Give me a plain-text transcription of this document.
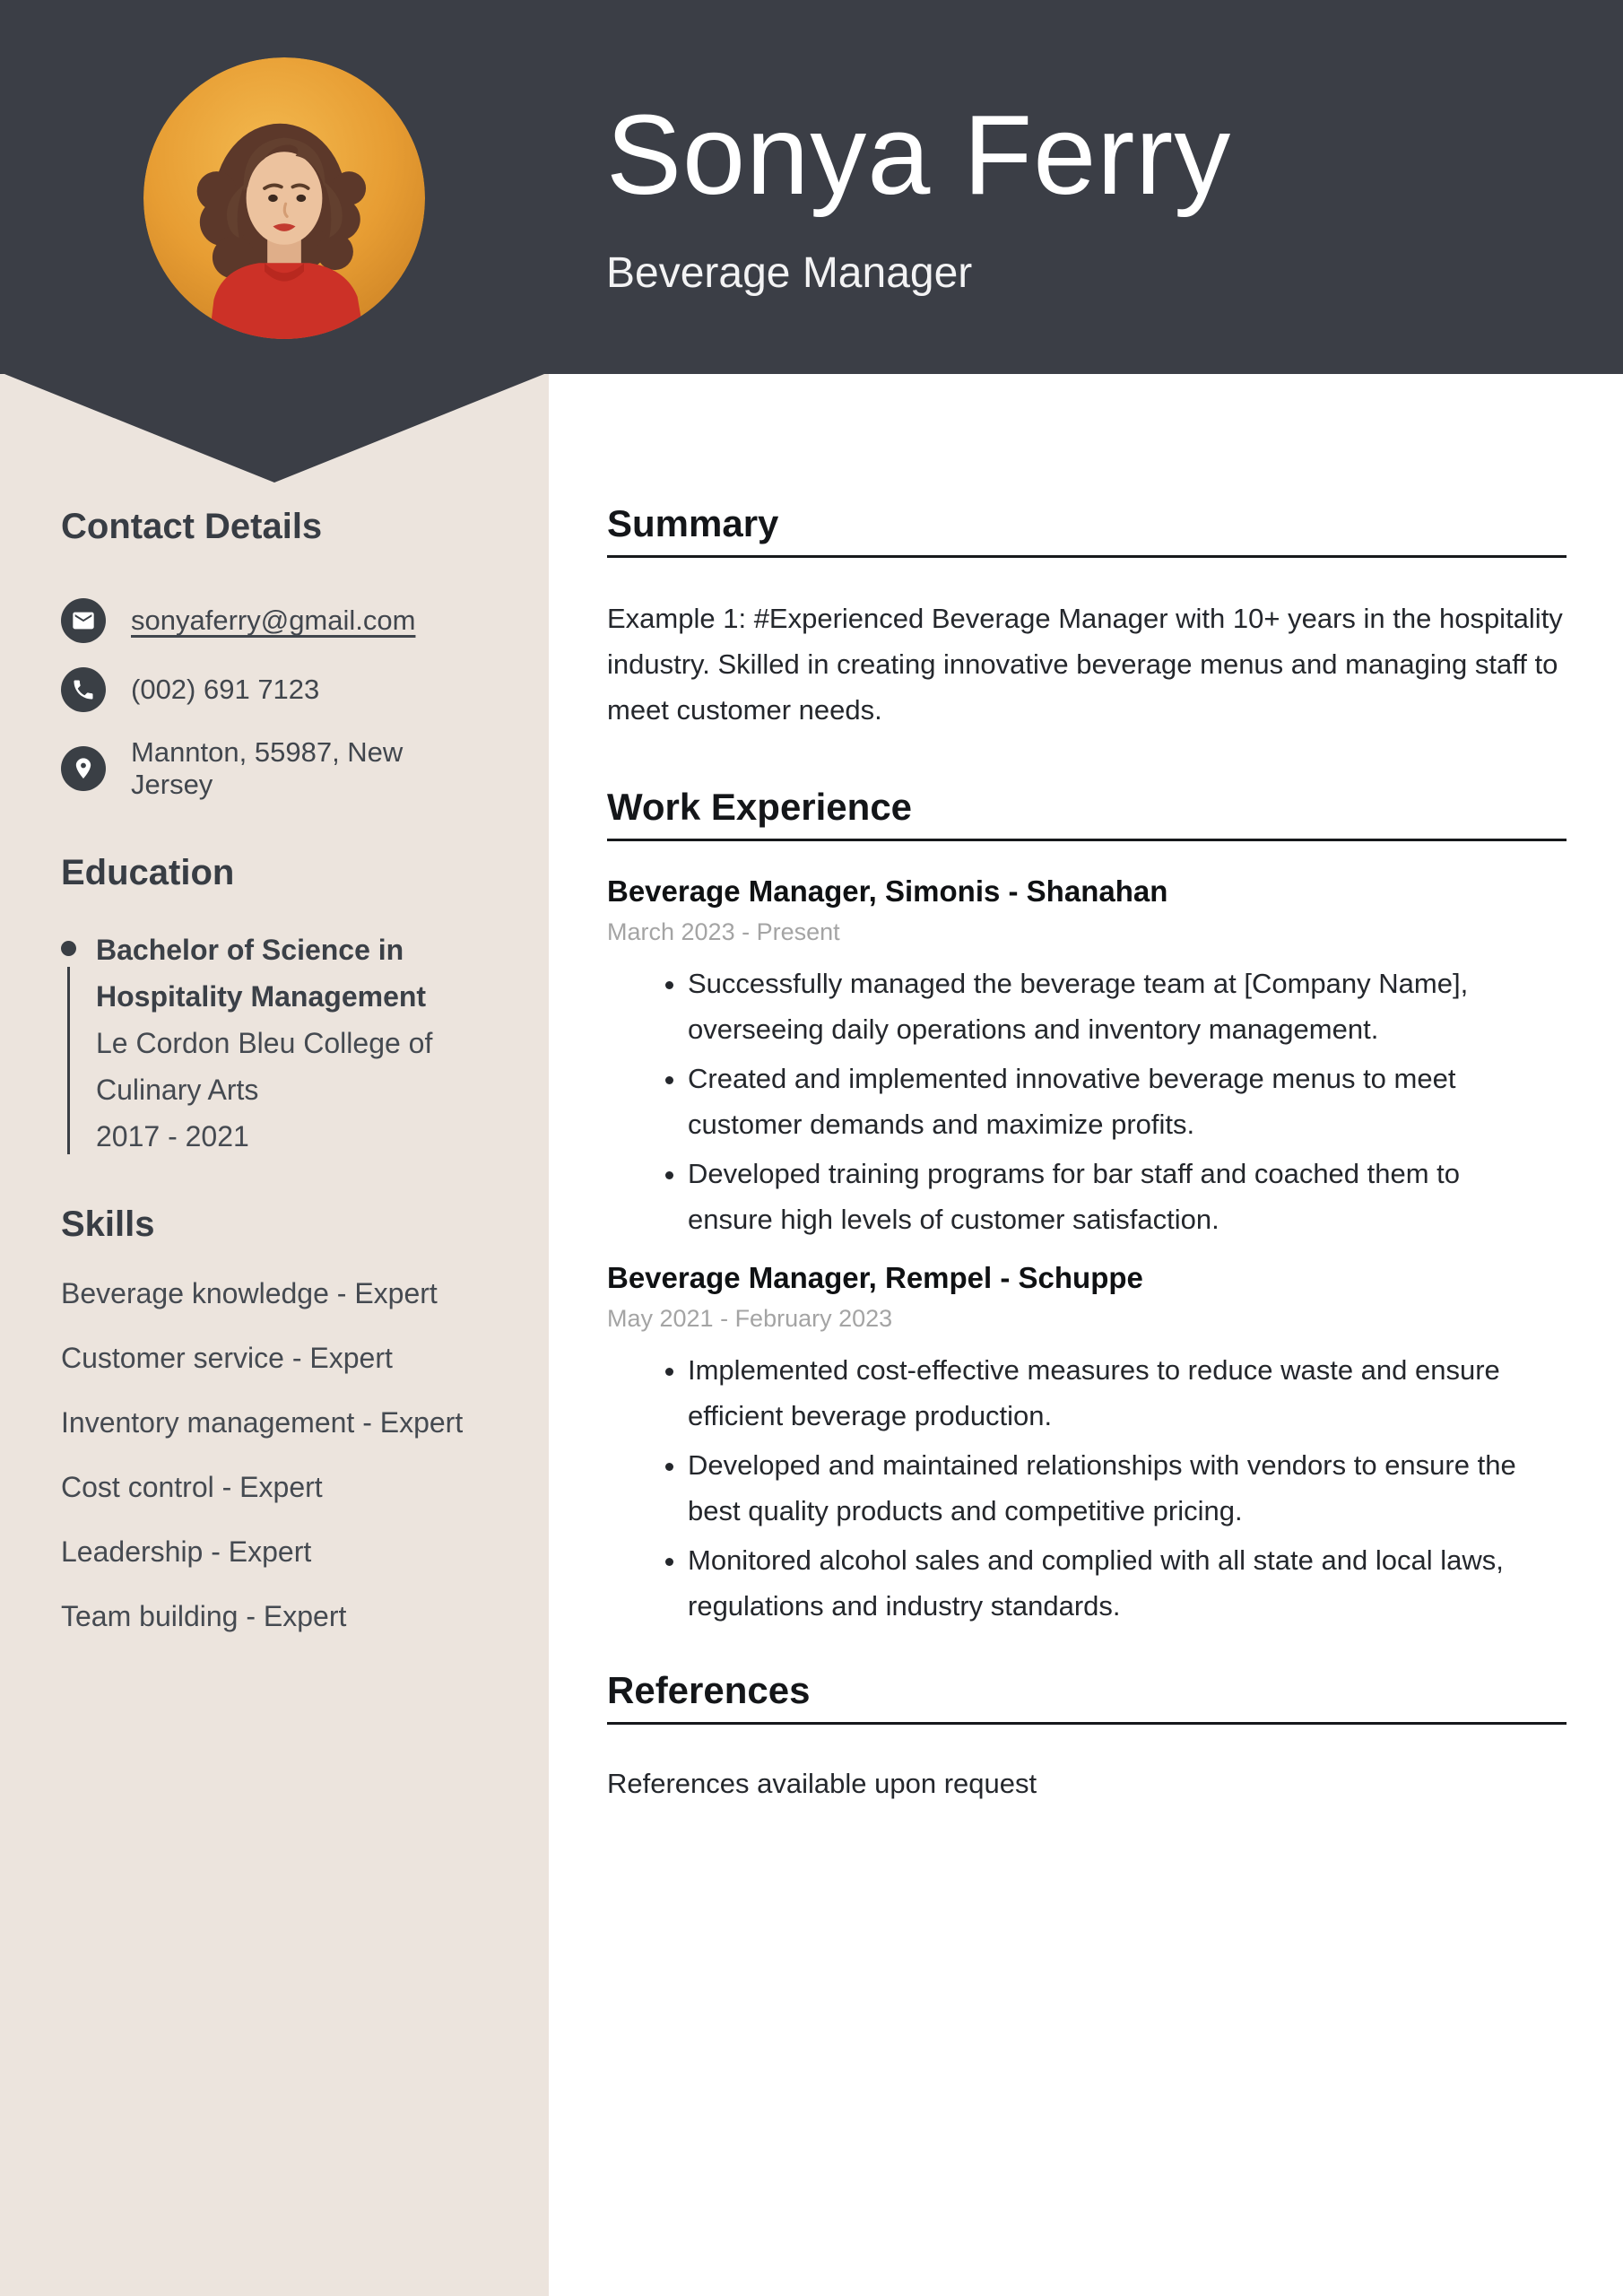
Sonya Ferry
Beverage Manager
Contact Details
sonyaferry@gmail.com
(002) 691 7123
Mannton, 55987, New Jersey
Education
Bachelor of Science in Hospitality Management
Le Cordon Bleu College of Culinary Arts
2017 - 2021
Skills
Beverage knowledge - Expert
Customer service - Expert
Inventory management - Expert
Cost control - Expert
Leadership - Expert
Team building - Expert
Summary

Example 1: #Experienced Beverage Manager with 10+ years in the hospitality industry. Skilled in creating innovative beverage menus and managing staff to meet customer needs.

Work Experience
Beverage Manager, Simonis - Shanahan

March 2023 - Present

• Successfully managed the beverage team at [Company Name], overseeing daily operations and inventory management.
• Created and implemented innovative beverage menus to meet customer demands and maximize profits.
• Developed training programs for bar staff and coached them to ensure high levels of customer satisfaction.
Beverage Manager, Rempel - Schuppe

May 2021 - February 2023

• Implemented cost-effective measures to reduce waste and ensure efficient beverage production.
• Developed and maintained relationships with vendors to ensure the best quality products and competitive pricing.
• Monitored alcohol sales and complied with all state and local laws, regulations and industry standards.
References

References available upon request
